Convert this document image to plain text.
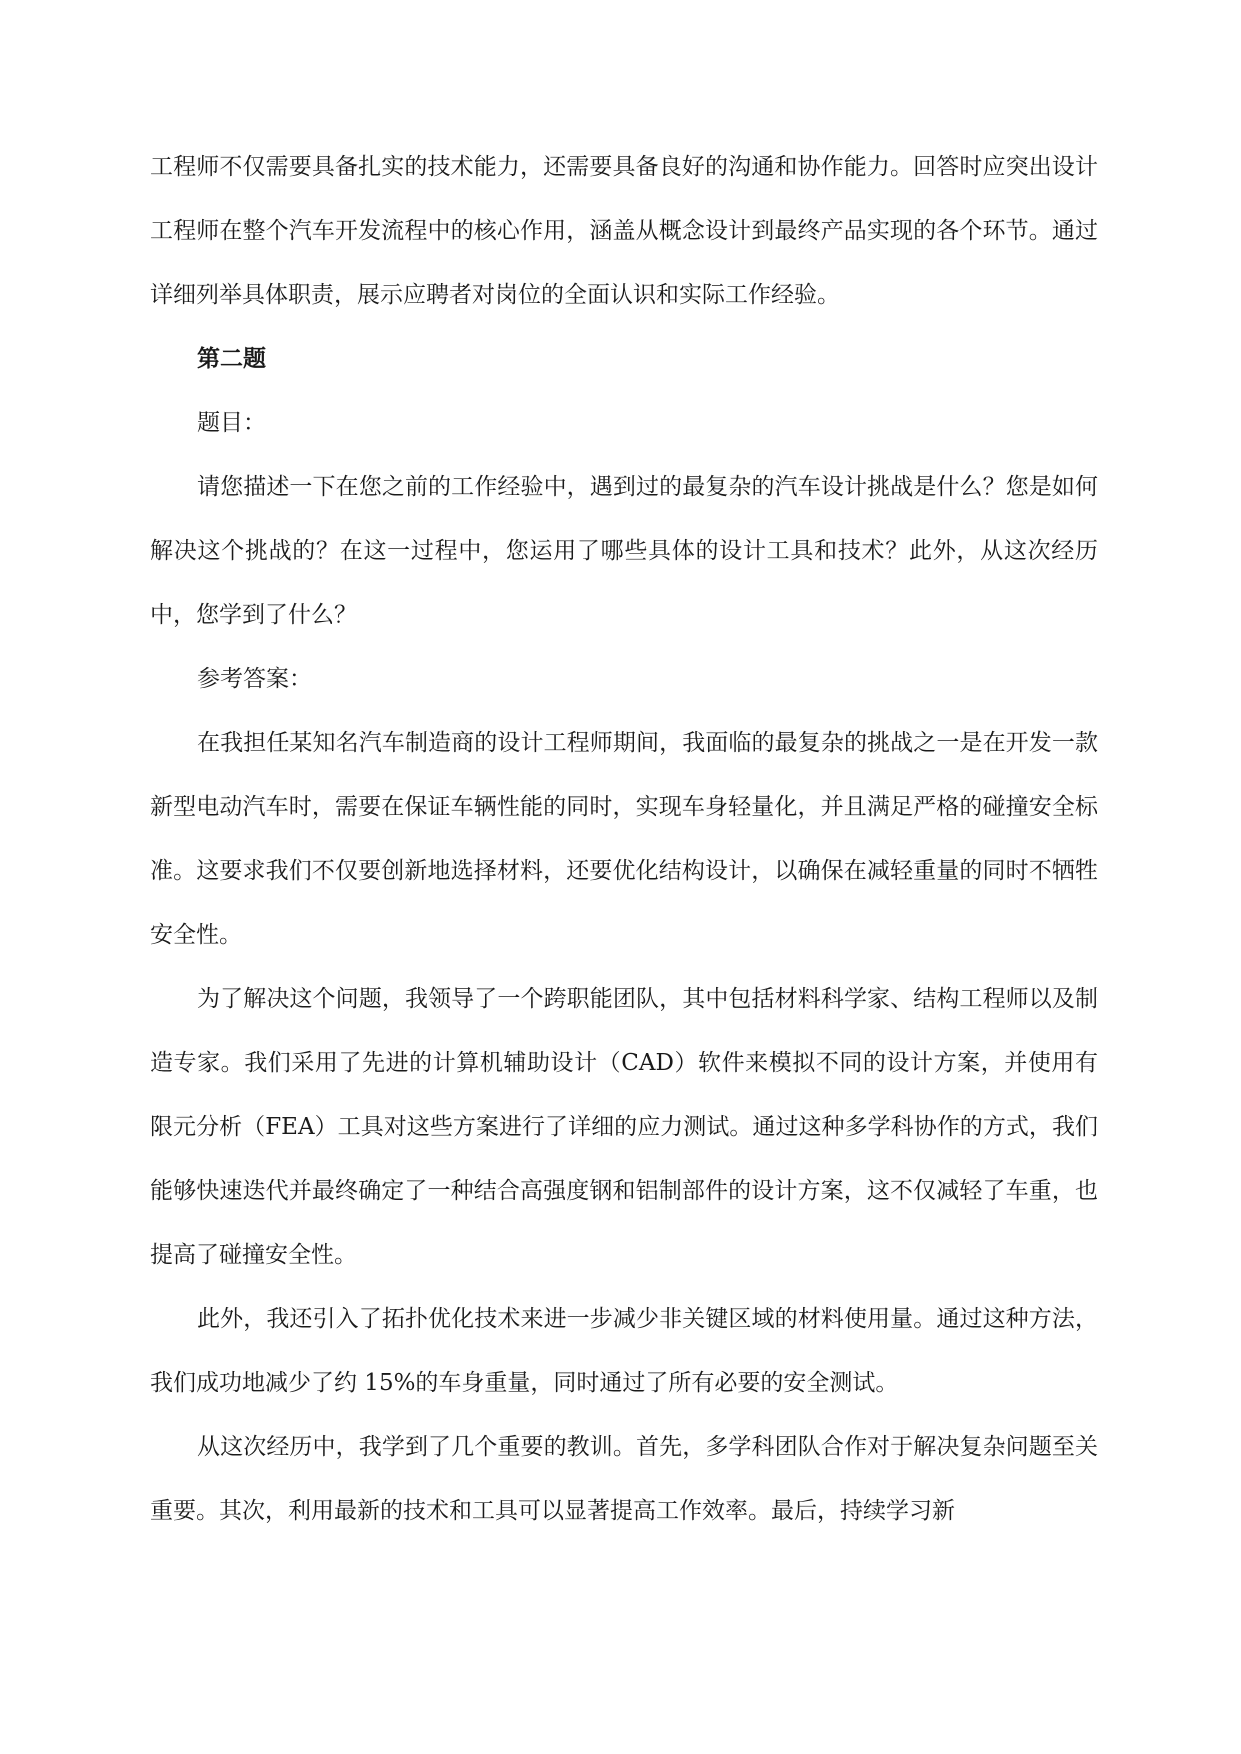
工程师不仅需要具备扎实的技术能力，还需要具备良好的沟通和协作能力。回答时应突出设计工程师在整个汽车开发流程中的核心作用，涵盖从概念设计到最终产品实现的各个环节。通过详细列举具体职责，展示应聘者对岗位的全面认识和实际工作经验。

第二题

题目：

请您描述一下在您之前的工作经验中，遇到过的最复杂的汽车设计挑战是什么？您是如何解决这个挑战的？在这一过程中，您运用了哪些具体的设计工具和技术？此外，从这次经历中，您学到了什么？

参考答案：

在我担任某知名汽车制造商的设计工程师期间，我面临的最复杂的挑战之一是在开发一款新型电动汽车时，需要在保证车辆性能的同时，实现车身轻量化，并且满足严格的碰撞安全标准。这要求我们不仅要创新地选择材料，还要优化结构设计，以确保在减轻重量的同时不牺牲安全性。

为了解决这个问题，我领导了一个跨职能团队，其中包括材料科学家、结构工程师以及制造专家。我们采用了先进的计算机辅助设计（CAD）软件来模拟不同的设计方案，并使用有限元分析（FEA）工具对这些方案进行了详细的应力测试。通过这种多学科协作的方式，我们能够快速迭代并最终确定了一种结合高强度钢和铝制部件的设计方案，这不仅减轻了车重，也提高了碰撞安全性。

此外，我还引入了拓扑优化技术来进一步减少非关键区域的材料使用量。通过这种方法，我们成功地减少了约 15%的车身重量，同时通过了所有必要的安全测试。

从这次经历中，我学到了几个重要的教训。首先，多学科团队合作对于解决复杂问题至关重要。其次，利用最新的技术和工具可以显著提高工作效率。最后，持续学习新
